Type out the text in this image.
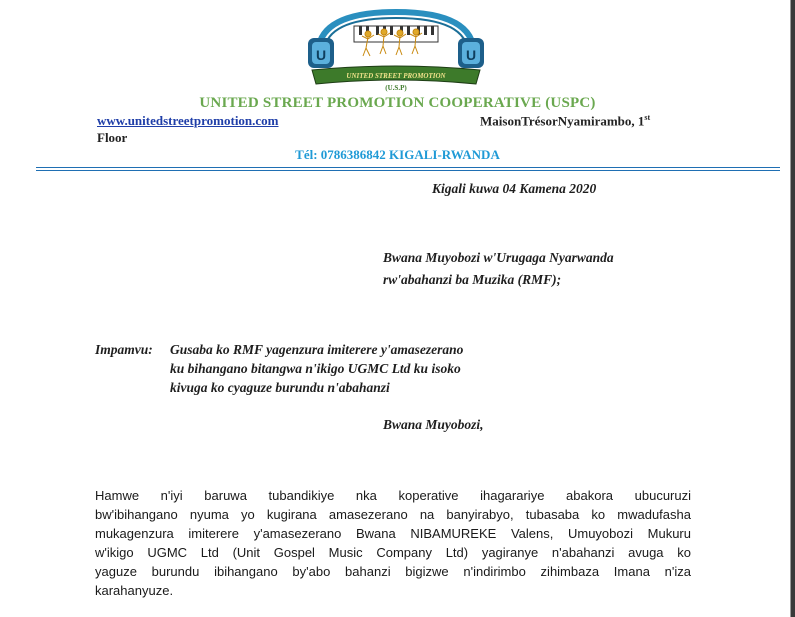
U	U
UNITED STREET PROMOTION
(U.S.P)
UNITED STREET PROMOTION COOPERATIVE (USPC)
www.unitedstreetpromotion.com	MaisonTrésorNyamirambo, 1st
Floor
Tél: 0786386842 KIGALI-RWANDA
Kigali kuwa 04 Kamena 2020
Bwana Muyobozi w'Urugaga Nyarwanda
rw'abahanzi ba Muzika (RMF);
Impamvu: Gusaba ko RMF yagenzura imiterere y'amasezerano
ku bihangano bitangwa n'ikigo UGMC Ltd ku isoko
kivuga ko cyaguze burundu n'abahanzi
Bwana Muyobozi,
Hamwe n'iyi baruwa tubandikiye nka koperative ihagarariye abakora ubucuruzi
bw'ibihangano nyuma yo kugirana amasezerano na banyirabyo, tubasaba ko mwadufasha
mukagenzura imiterere y'amasezerano Bwana NIBAMUREKE Valens, Umuyobozi Mukuru
w'ikigo UGMC Ltd (Unit Gospel Music Company Ltd) yagiranye n'abahanzi avuga ko
yaguze burundu ibihangano by'abo bahanzi bigizwe n'indirimbo zihimbaza Imana n'iza
karahanyuze.
